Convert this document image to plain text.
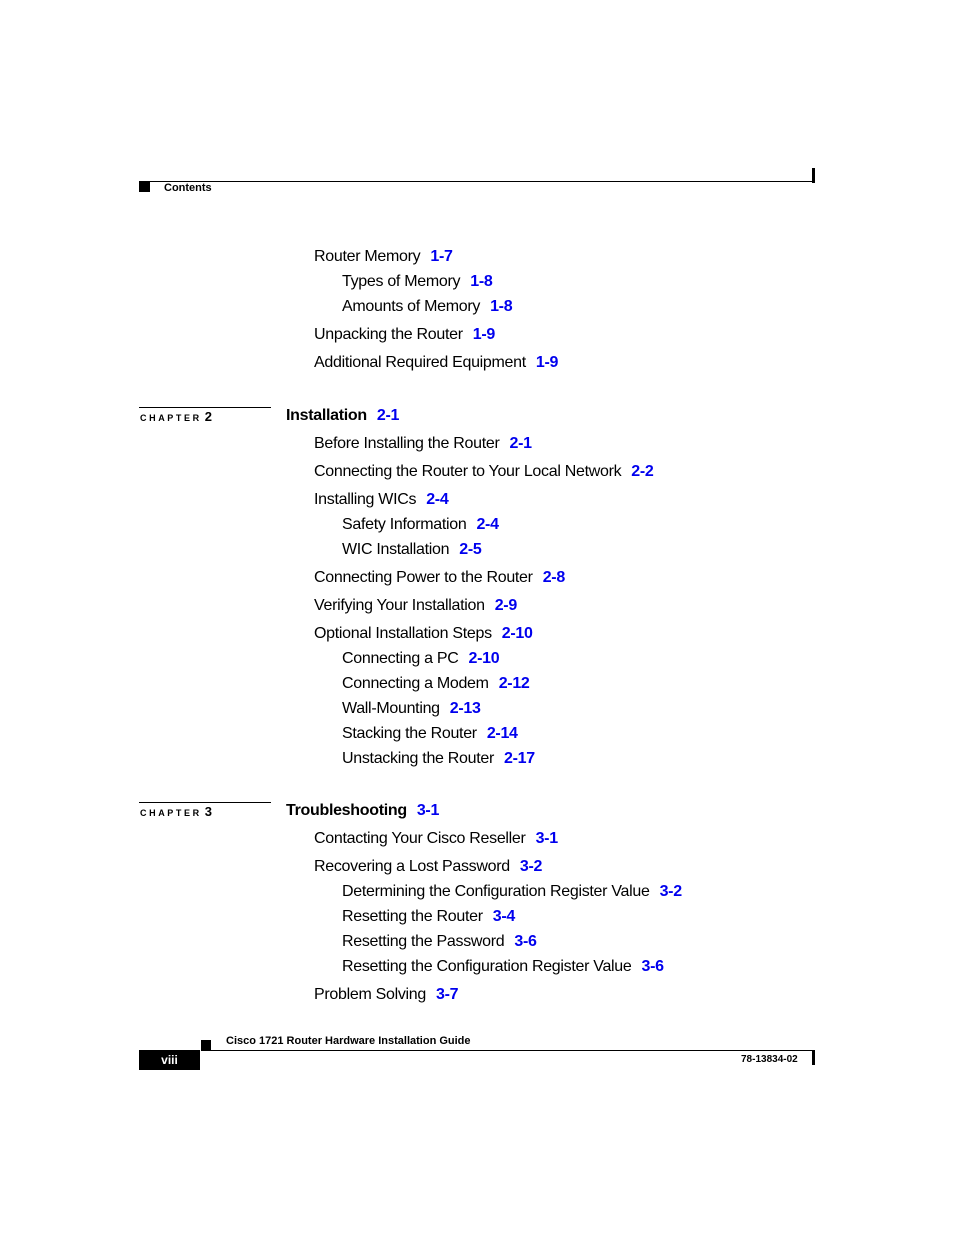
Contents
Router Memory 1-7
Types of Memory 1-8
Amounts of Memory 1-8
Unpacking the Router 1-9
Additional Required Equipment 1-9
CHAPTER 2	Installation 2-1
Before Installing the Router 2-1
Connecting the Router to Your Local Network 2-2
Installing WICs 2-4
Safety Information 2-4
WIC Installation 2-5
Connecting Power to the Router 2-8
Verifying Your Installation 2-9
Optional Installation Steps 2-10
Connecting a PC 2-10
Connecting a Modem 2-12
Wall-Mounting 2-13
Stacking the Router 2-14
Unstacking the Router 2-17
CHAPTER 3	Troubleshooting 3-1
Contacting Your Cisco Reseller 3-1
Recovering a Lost Password 3-2
Determining the Configuration Register Value 3-2
Resetting the Router 3-4
Resetting the Password 3-6
Resetting the Configuration Register Value 3-6
Problem Solving 3-7
Cisco 1721 Router Hardware Installation Guide
viii	78-13834-02
